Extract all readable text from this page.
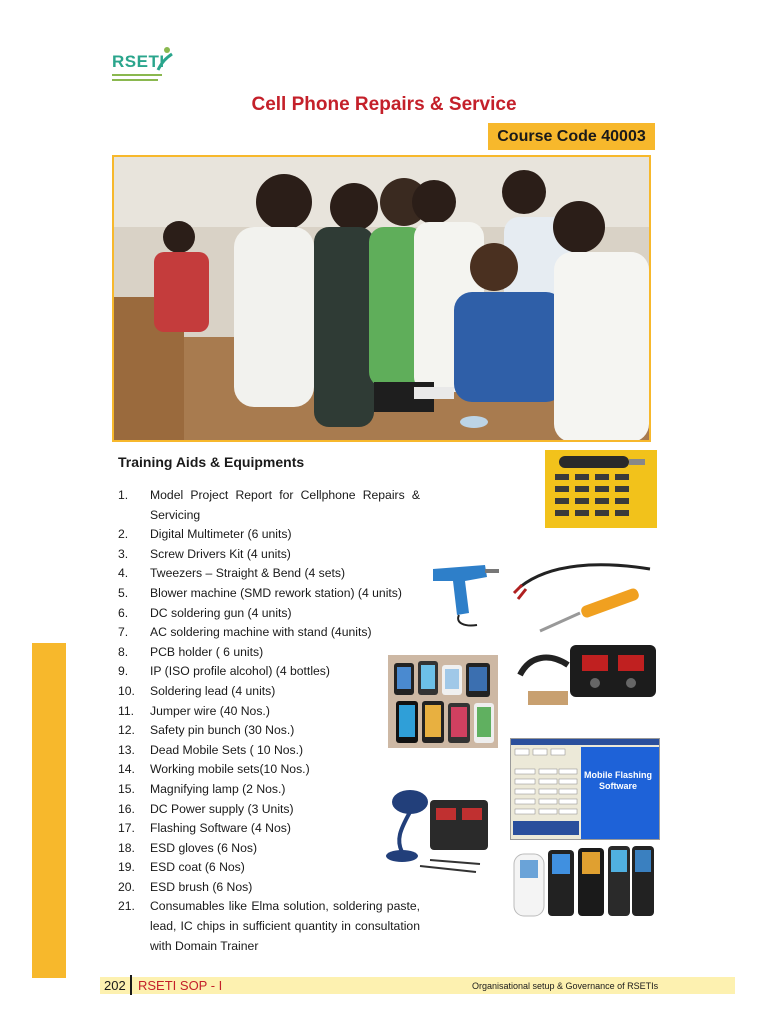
RSETI
Cell Phone Repairs & Service
Course Code 40003
Training Aids & Equipments
1.	Model Project Report for Cellphone Repairs & Servicing
2.	Digital Multimeter (6 units)
3.	Screw Drivers Kit (4 units)
4.	Tweezers – Straight & Bend (4 sets)
5.	Blower machine (SMD rework station) (4 units)
6.	DC soldering gun (4 units)
7.	AC soldering machine with stand (4units)
8.	PCB holder ( 6 units)
9.	IP (ISO profile alcohol) (4 bottles)
10.	Soldering lead (4 units)
11.	Jumper wire (40 Nos.)
12.	Safety pin bunch (30 Nos.)
13.	Dead Mobile Sets ( 10 Nos.)
14.	Working mobile sets(10 Nos.)
15.	Magnifying lamp (2 Nos.)
16.	DC Power supply (3 Units)
17.	Flashing Software (4 Nos)
18.	ESD gloves (6 Nos)
19.	ESD coat (6 Nos)
20.	ESD brush (6 Nos)
21.	Consumables like Elma solution, soldering paste, lead, IC chips in sufficient quantity in consultation with Domain Trainer
Mobile Flashing
Software
202 RSETI SOP - I	Organisational setup & Governance of RSETIs
